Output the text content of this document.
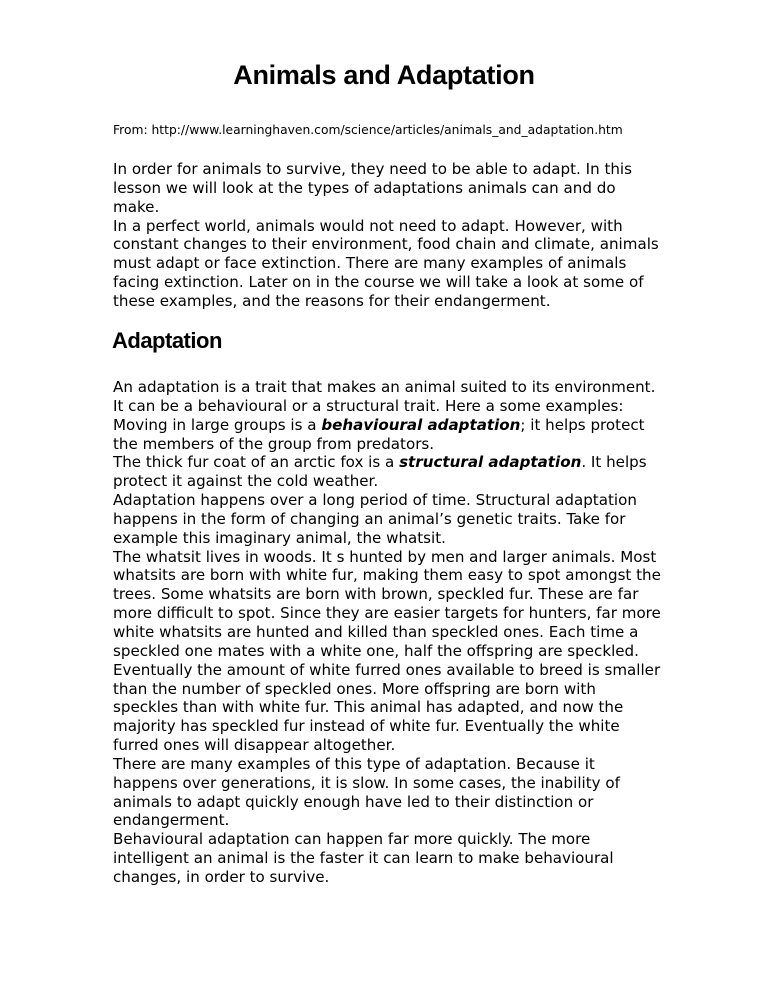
Animals and Adaptation

From: http://www.learninghaven.com/science/articles/animals_and_adaptation.htm

In order for animals to survive, they need to be able to adapt. In this lesson we will look at the types of adaptations animals can and do make.

In a perfect world, animals would not need to adapt. However, with constant changes to their environment, food chain and climate, animals must adapt or face extinction. There are many examples of animals facing extinction. Later on in the course we will take a look at some of these examples, and the reasons for their endangerment.

Adaptation

An adaptation is a trait that makes an animal suited to its environment. It can be a behavioural or a structural trait. Here a some examples:

Moving in large groups is a behavioural adaptation; it helps protect the members of the group from predators.

The thick fur coat of an arctic fox is a structural adaptation. It helps protect it against the cold weather.

Adaptation happens over a long period of time. Structural adaptation happens in the form of changing an animal’s genetic traits. Take for example this imaginary animal, the whatsit.

The whatsit lives in woods. It s hunted by men and larger animals. Most whatsits are born with white fur, making them easy to spot amongst the trees. Some whatsits are born with brown, speckled fur. These are far more difficult to spot. Since they are easier targets for hunters, far more white whatsits are hunted and killed than speckled ones. Each time a speckled one mates with a white one, half the offspring are speckled. Eventually the amount of white furred ones available to breed is smaller than the number of speckled ones. More offspring are born with speckles than with white fur. This animal has adapted, and now the majority has speckled fur instead of white fur. Eventually the white furred ones will disappear altogether.

There are many examples of this type of adaptation. Because it happens over generations, it is slow. In some cases, the inability of animals to adapt quickly enough have led to their distinction or endangerment.

Behavioural adaptation can happen far more quickly. The more intelligent an animal is the faster it can learn to make behavioural changes, in order to survive.
